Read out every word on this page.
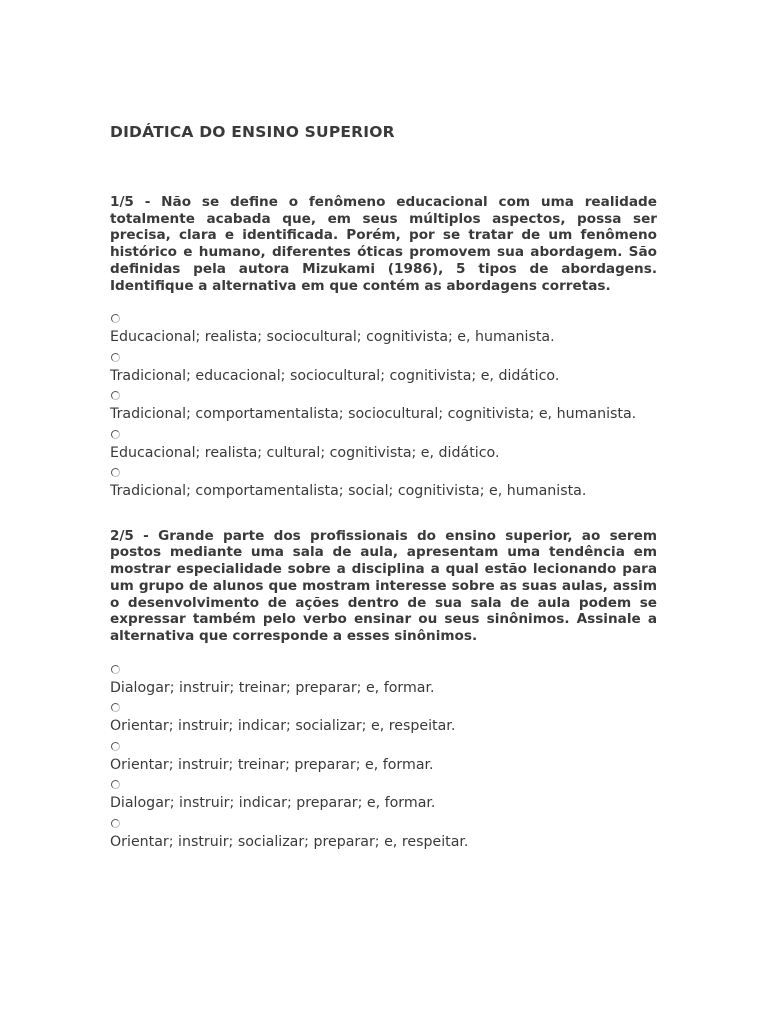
DIDÁTICA DO ENSINO SUPERIOR

1/5 - Não se define o fenômeno educacional com uma realidade totalmente acabada que, em seus múltiplos aspectos, possa ser precisa, clara e identificada. Porém, por se tratar de um fenômeno histórico e humano, diferentes óticas promovem sua abordagem. São definidas pela autora Mizukami (1986), 5 tipos de abordagens. Identifique a alternativa em que contém as abordagens corretas.

Educacional; realista; sociocultural; cognitivista; e, humanista.
Tradicional; educacional; sociocultural; cognitivista; e, didático.
Tradicional; comportamentalista; sociocultural; cognitivista; e, humanista.
Educacional; realista; cultural; cognitivista; e, didático.
Tradicional; comportamentalista; social; cognitivista; e, humanista.

2/5 - Grande parte dos profissionais do ensino superior, ao serem postos mediante uma sala de aula, apresentam uma tendência em mostrar especialidade sobre a disciplina a qual estão lecionando para um grupo de alunos que mostram interesse sobre as suas aulas, assim o desenvolvimento de ações dentro de sua sala de aula podem se expressar também pelo verbo ensinar ou seus sinônimos. Assinale a alternativa que corresponde a esses sinônimos.

Dialogar; instruir; treinar; preparar; e, formar.
Orientar; instruir; indicar; socializar; e, respeitar.
Orientar; instruir; treinar; preparar; e, formar.
Dialogar; instruir; indicar; preparar; e, formar.
Orientar; instruir; socializar; preparar; e, respeitar.
